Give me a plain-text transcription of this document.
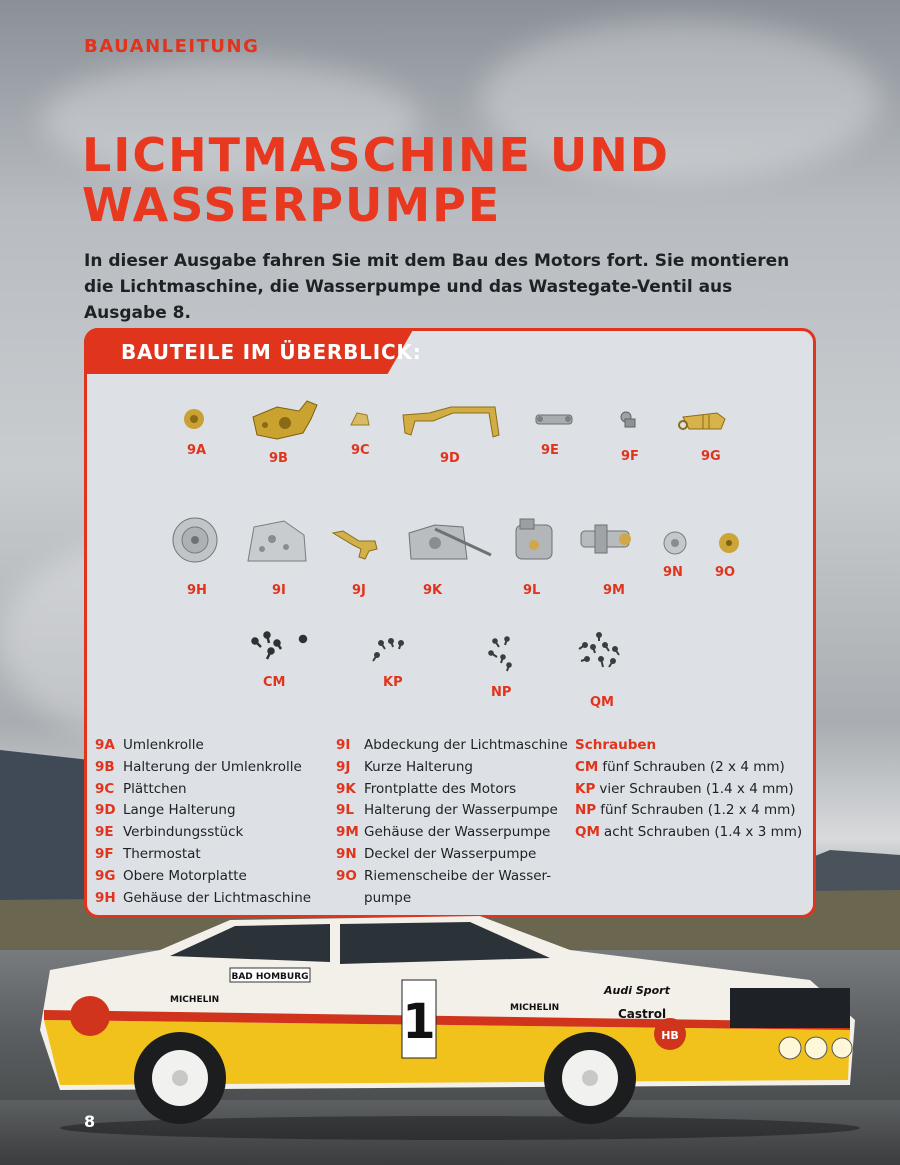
BAUANLEITUNG
LICHTMASCHINE UND
WASSERPUMPE

In dieser Ausgabe fahren Sie mit dem Bau des Motors fort. Sie montieren die Lichtmaschine, die Wasserpumpe und das Wastegate-Ventil aus Ausgabe 8.

BAUTEILE IM ÜBERBLICK:
9A
9B
9C
9D
9E	9F	9G
9H	9I	9J	9K	9L	9M
9N 9O
CM	KP
NP
QM
9A Umlenkrolle
9B Halterung der Umlenkrolle
9C Plättchen
9D Lange Halterung
9E Verbindungsstück
9F Thermostat
9G Obere Motorplatte
9H Gehäuse der Lichtmaschine
9I	Abdeckung der Lichtmaschine
9J	Kurze Halterung
9K Frontplatte des Motors
9L Halterung der Wasserpumpe
9M Gehäuse der Wasserpumpe
9N Deckel der Wasserpumpe
9O Riemenscheibe der Wasser-
pumpe
Schrauben
CM fünf Schrauben (2 x 4 mm)
KP vier Schrauben (1.4 x 4 mm)
NP fünf Schrauben (1.2 x 4 mm)
QM acht Schrauben (1.4 x 3 mm)
1
BAD HOMBURG
MICHELIN
MICHELIN
Audi Sport
Castrol
HB
8
